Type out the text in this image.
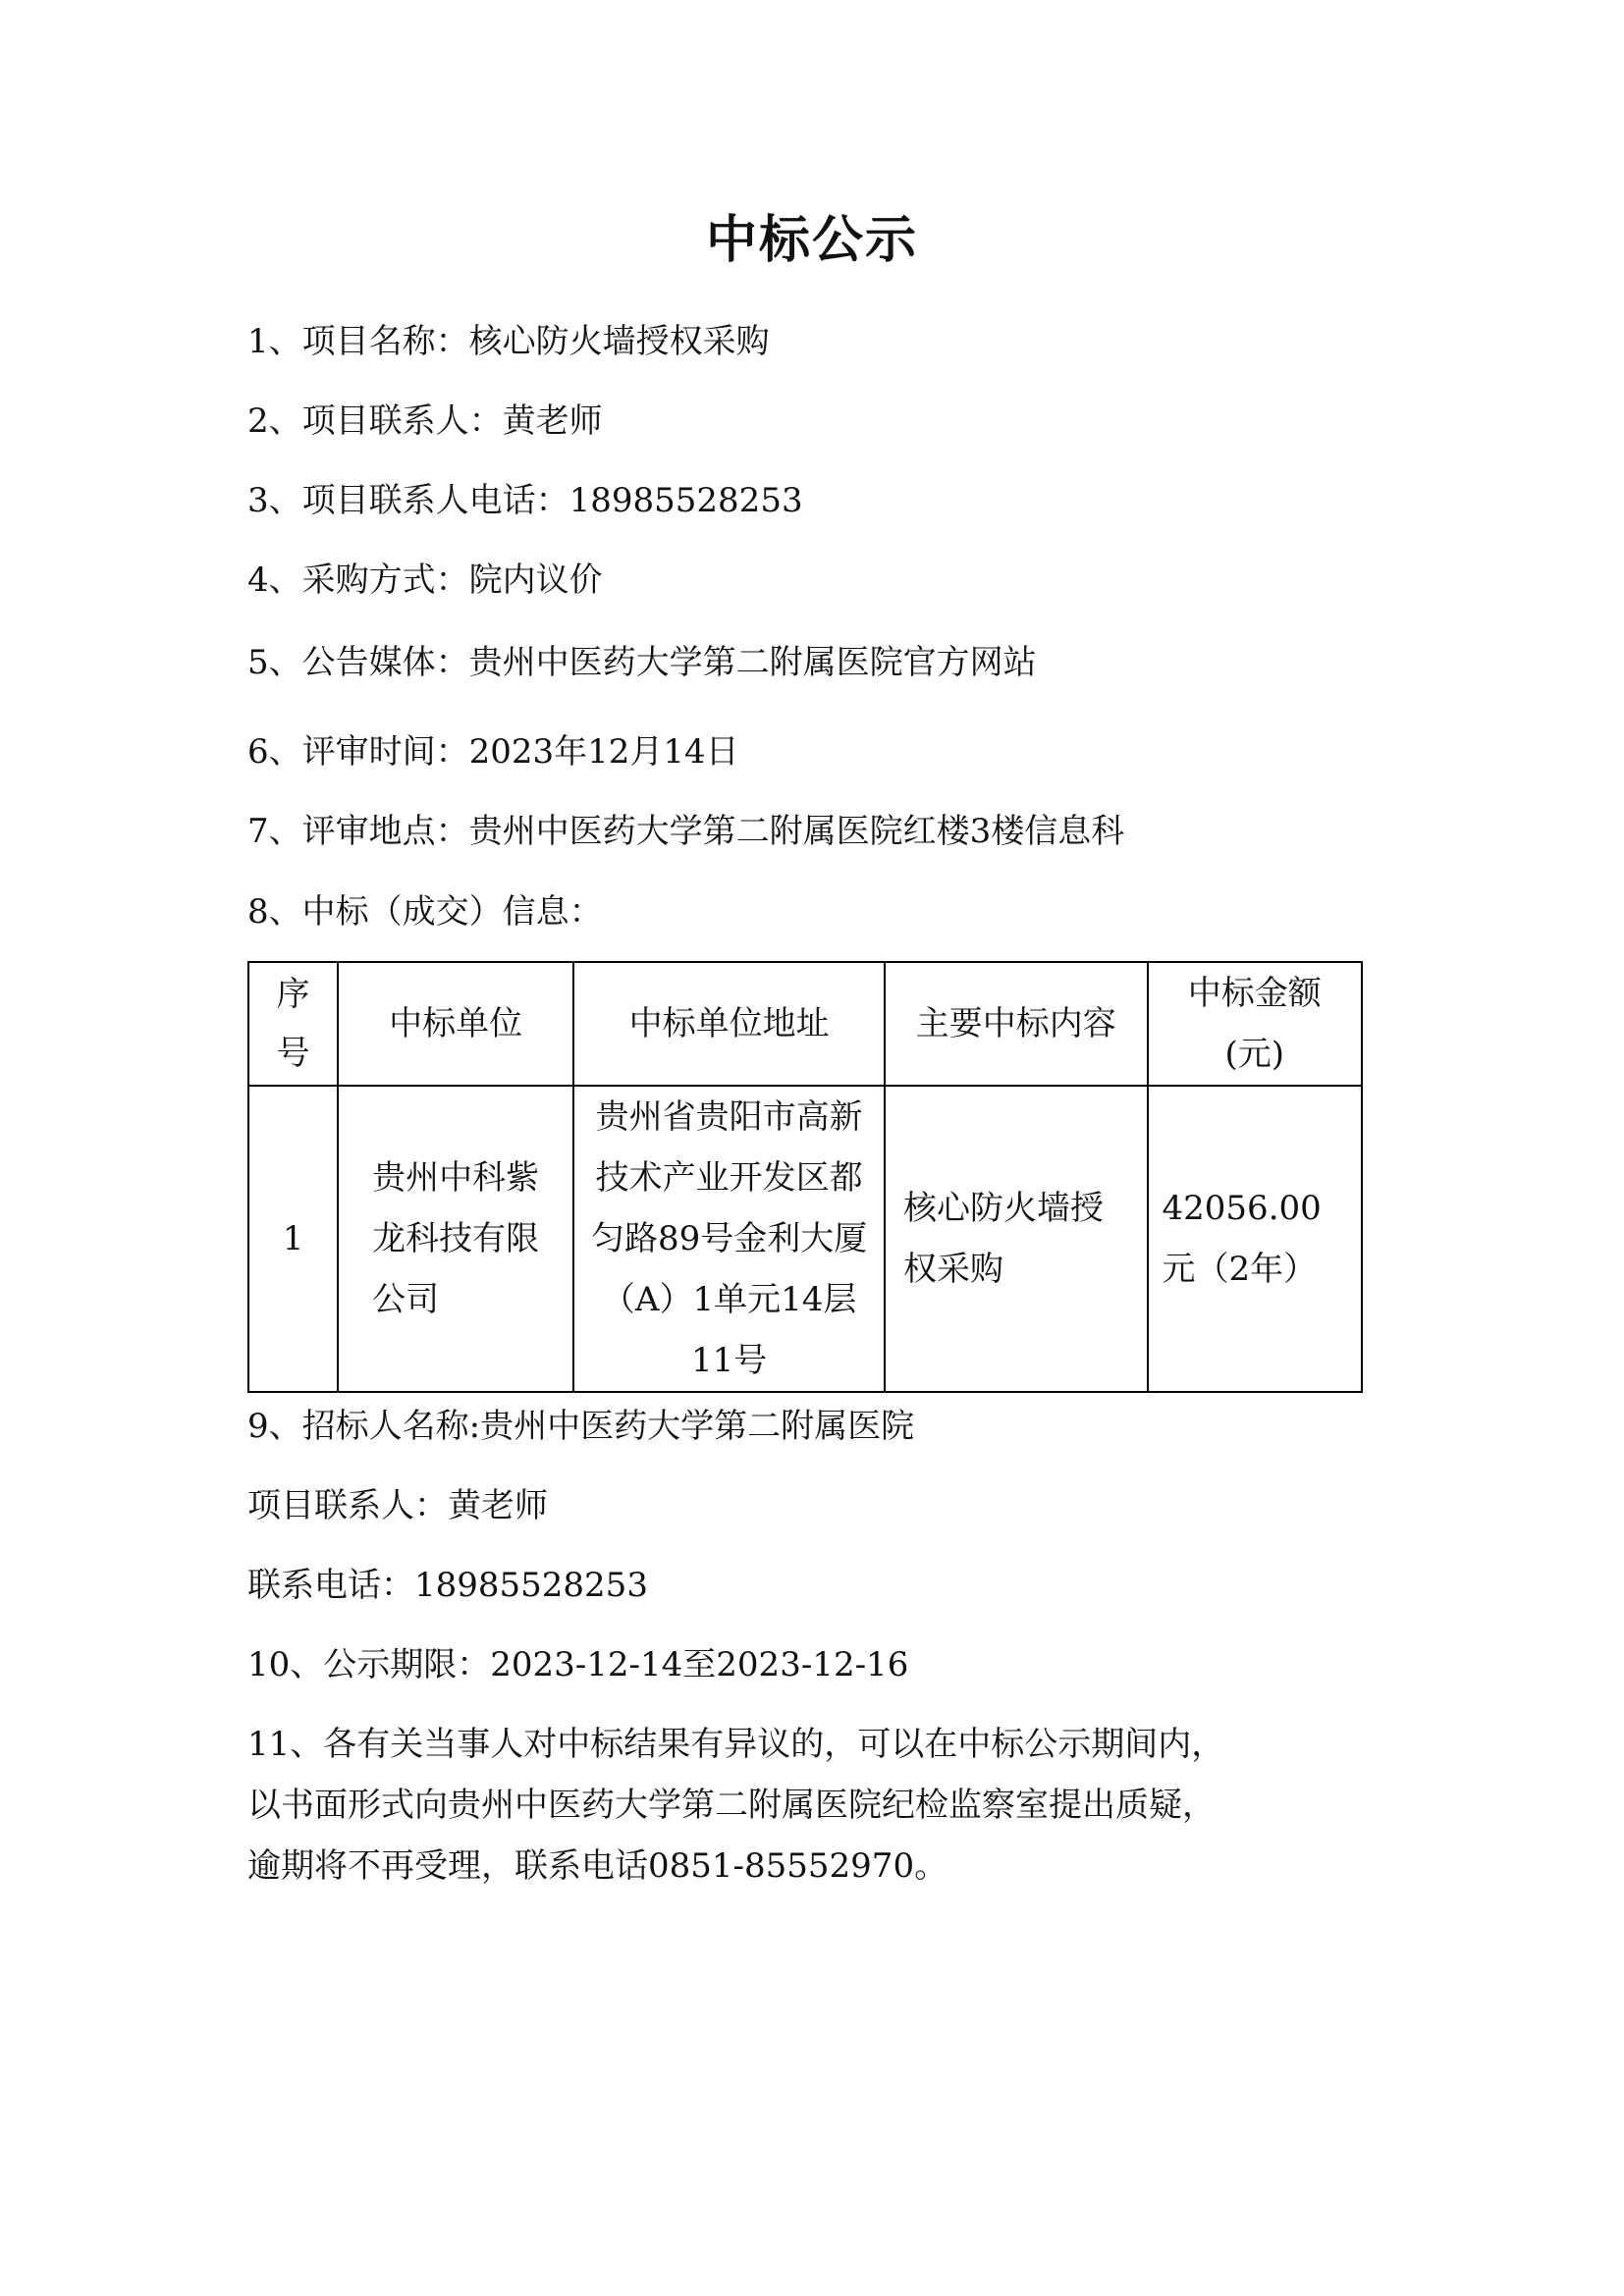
中标公示
1、项目名称：核心防火墙授权采购
2、项目联系人：黄老师
3、项目联系人电话：18985528253
4、采购方式：院内议价
5、公告媒体：贵州中医药大学第二附属医院官方网站
6、评审时间：2023年12月14日
7、评审地点：贵州中医药大学第二附属医院红楼3楼信息科
8、中标（成交）信息：
序号	中标单位	中标单位地址	主要中标内容	中标金额(元)
1	贵州中科紫龙科技有限公司	贵州省贵阳市高新技术产业开发区都匀路89号金利大厦（A）1单元14层11号	核心防火墙授权采购	42056.00元（2年）
9、招标人名称:贵州中医药大学第二附属医院
项目联系人：黄老师
联系电话：18985528253
10、公示期限：2023-12-14至2023-12-16
11、各有关当事人对中标结果有异议的，可以在中标公示期间内，
以书面形式向贵州中医药大学第二附属医院纪检监察室提出质疑，
逾期将不再受理，联系电话0851-85552970。
